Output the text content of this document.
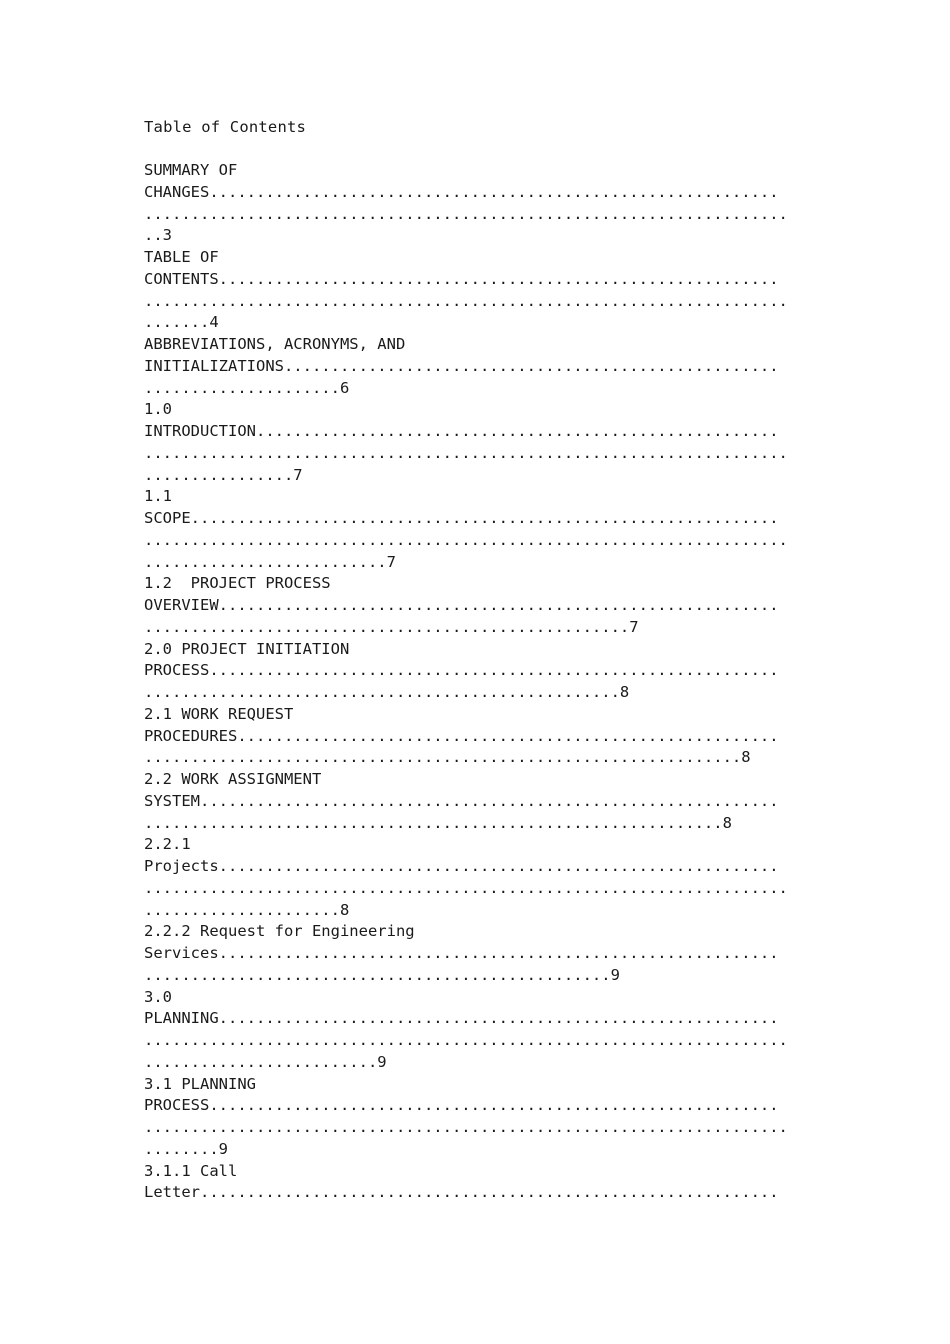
Table of Contents
SUMMARY OF
CHANGES.............................................................
.....................................................................
..3
TABLE OF
CONTENTS............................................................
.....................................................................
.......4
ABBREVIATIONS, ACRONYMS, AND
INITIALIZATIONS.....................................................
.....................6
1.0
INTRODUCTION........................................................
.....................................................................
................7
1.1
SCOPE...............................................................
.....................................................................
..........................7
1.2  PROJECT PROCESS
OVERVIEW............................................................
....................................................7
2.0 PROJECT INITIATION
PROCESS.............................................................
...................................................8
2.1 WORK REQUEST
PROCEDURES..........................................................
................................................................8
2.2 WORK ASSIGNMENT
SYSTEM..............................................................
..............................................................8
2.2.1
Projects............................................................
.....................................................................
.....................8
2.2.2 Request for Engineering
Services............................................................
..................................................9
3.0
PLANNING............................................................
.....................................................................
.........................9
3.1 PLANNING
PROCESS.............................................................
.....................................................................
........9
3.1.1 Call
Letter..............................................................
